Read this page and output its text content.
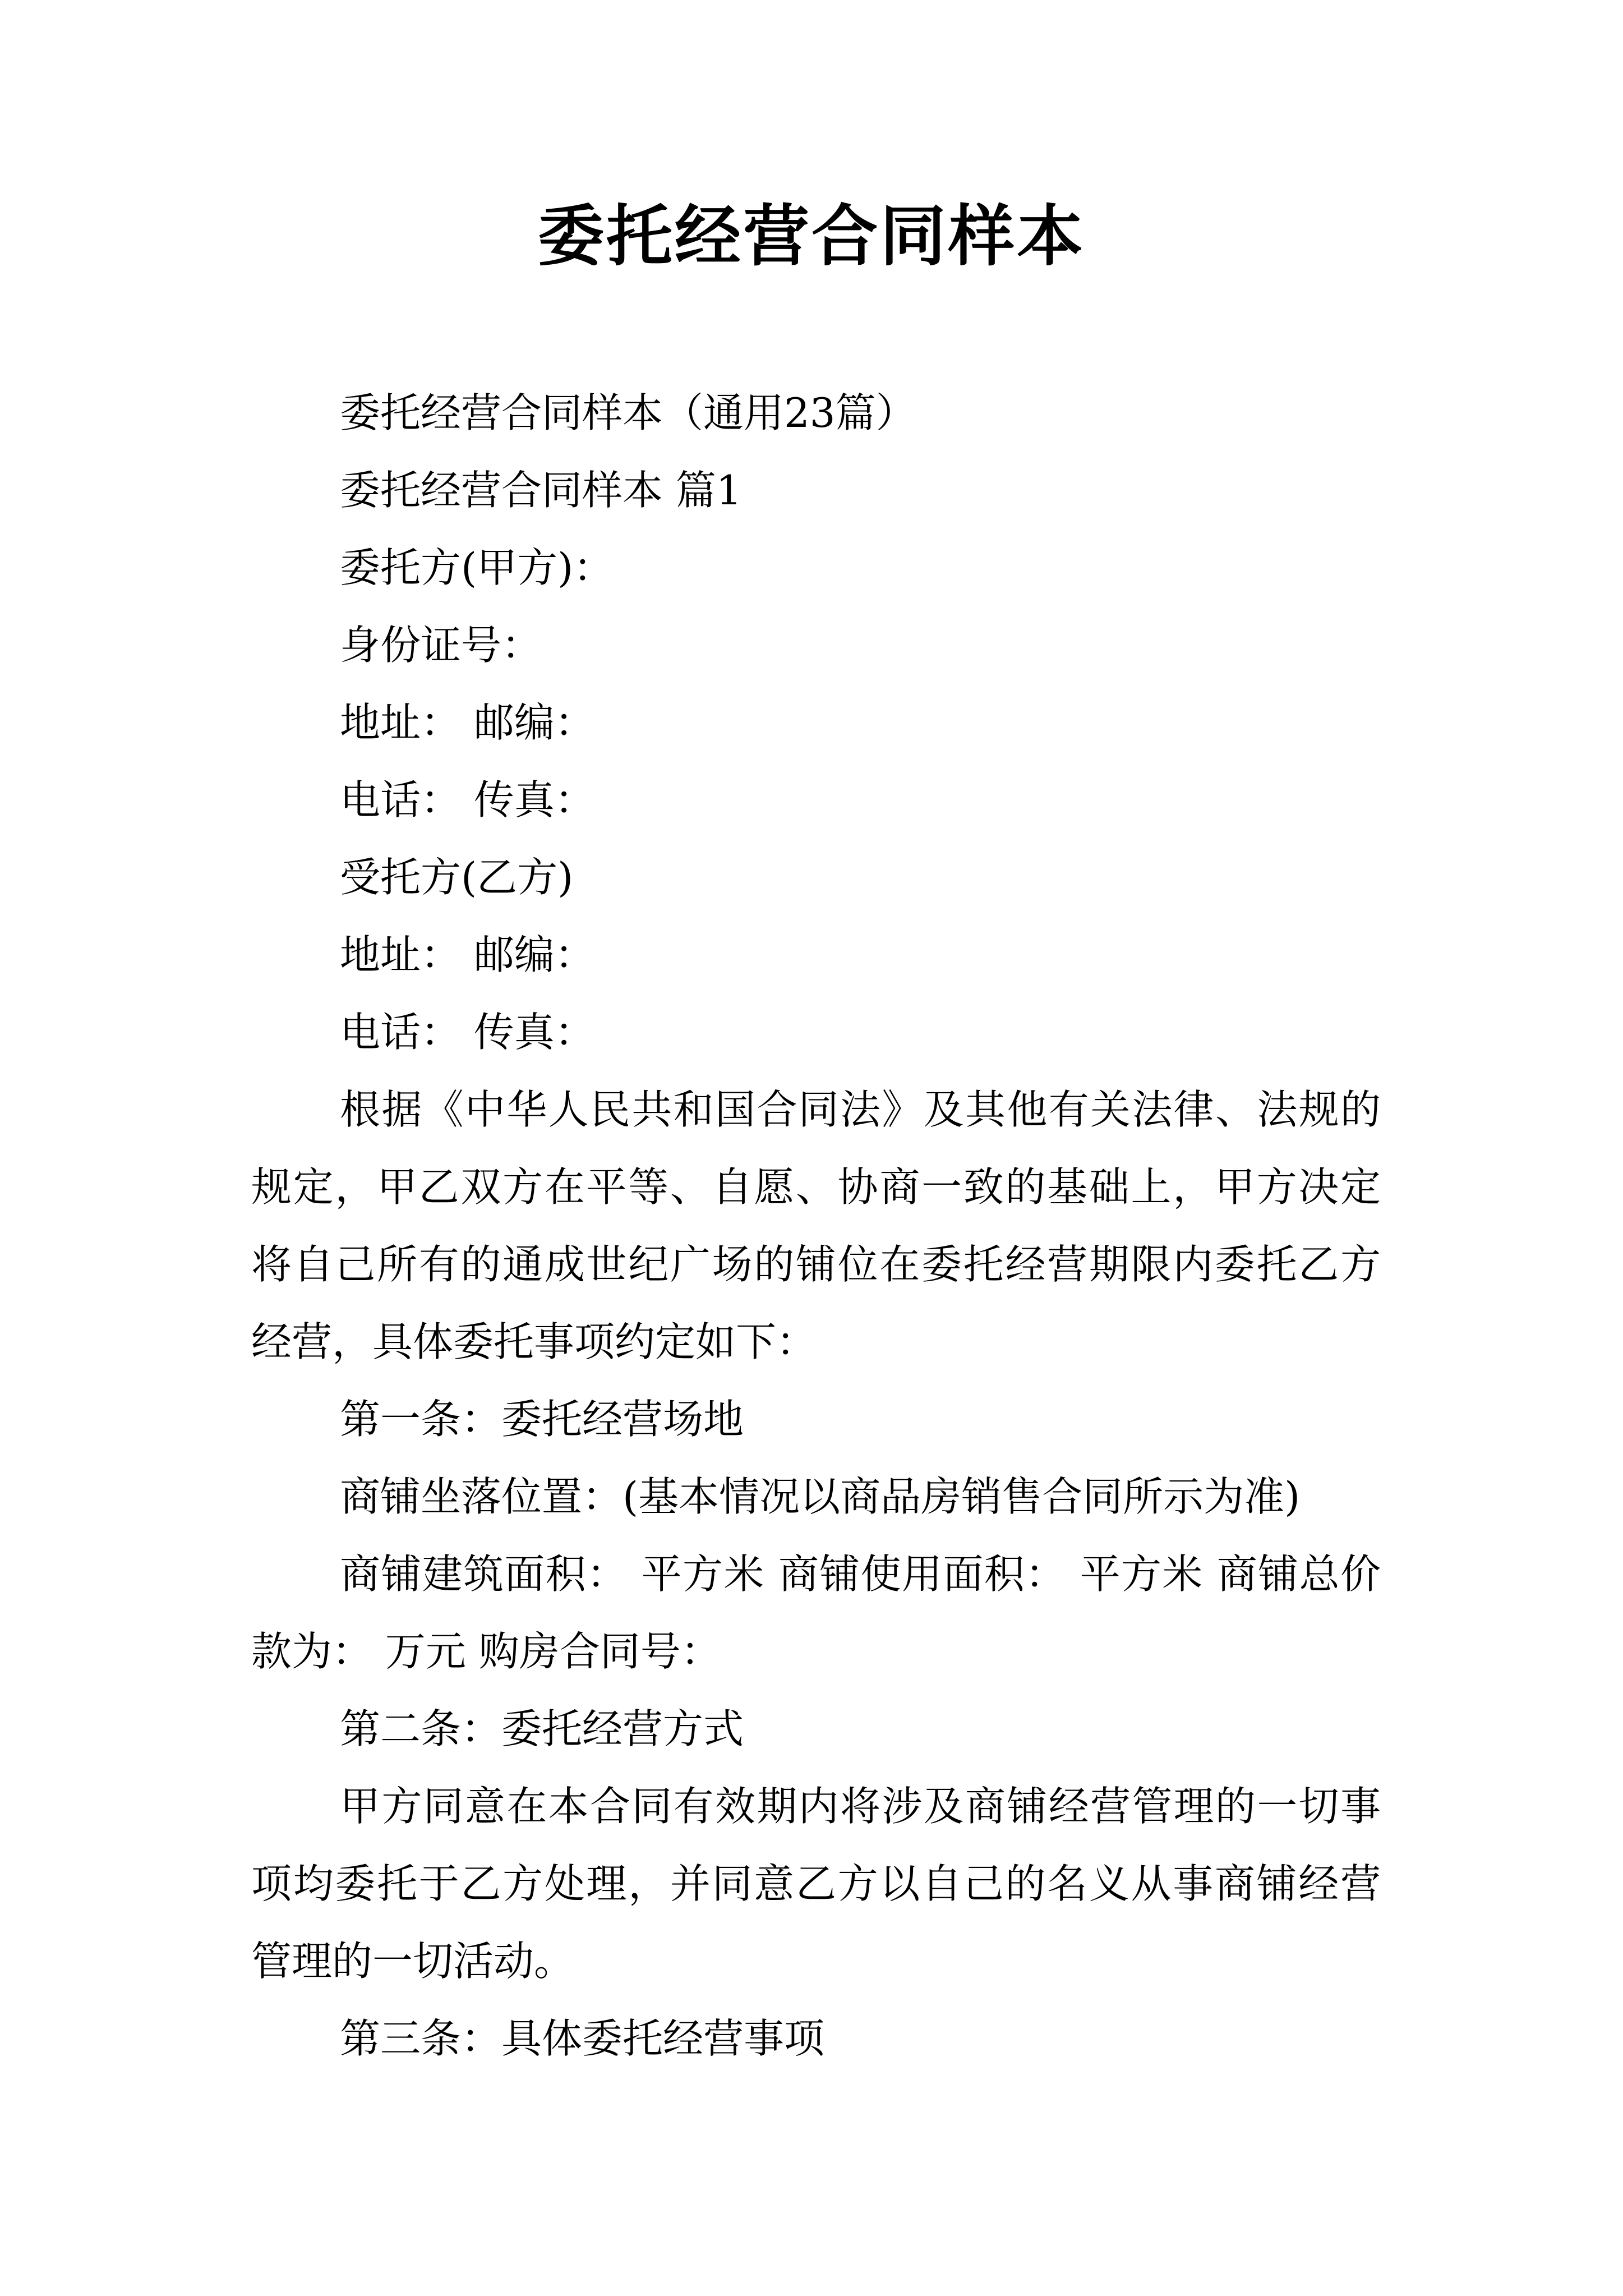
委托经营合同样本

委托经营合同样本（通用23篇）

委托经营合同样本 篇1

委托方(甲方)：

身份证号：

地址： 邮编：

电话： 传真：

受托方(乙方)

地址： 邮编：

电话： 传真：

根据《中华人民共和国合同法》及其他有关法律、法规的规定，甲乙双方在平等、自愿、协商一致的基础上，甲方决定将自己所有的通成世纪广场的铺位在委托经营期限内委托乙方经营，具体委托事项约定如下：

第一条：委托经营场地

商铺坐落位置：(基本情况以商品房销售合同所示为准)

商铺建筑面积： 平方米 商铺使用面积： 平方米 商铺总价款为： 万元 购房合同号：

第二条：委托经营方式

甲方同意在本合同有效期内将涉及商铺经营管理的一切事项均委托于乙方处理，并同意乙方以自己的名义从事商铺经营管理的一切活动。

第三条：具体委托经营事项
